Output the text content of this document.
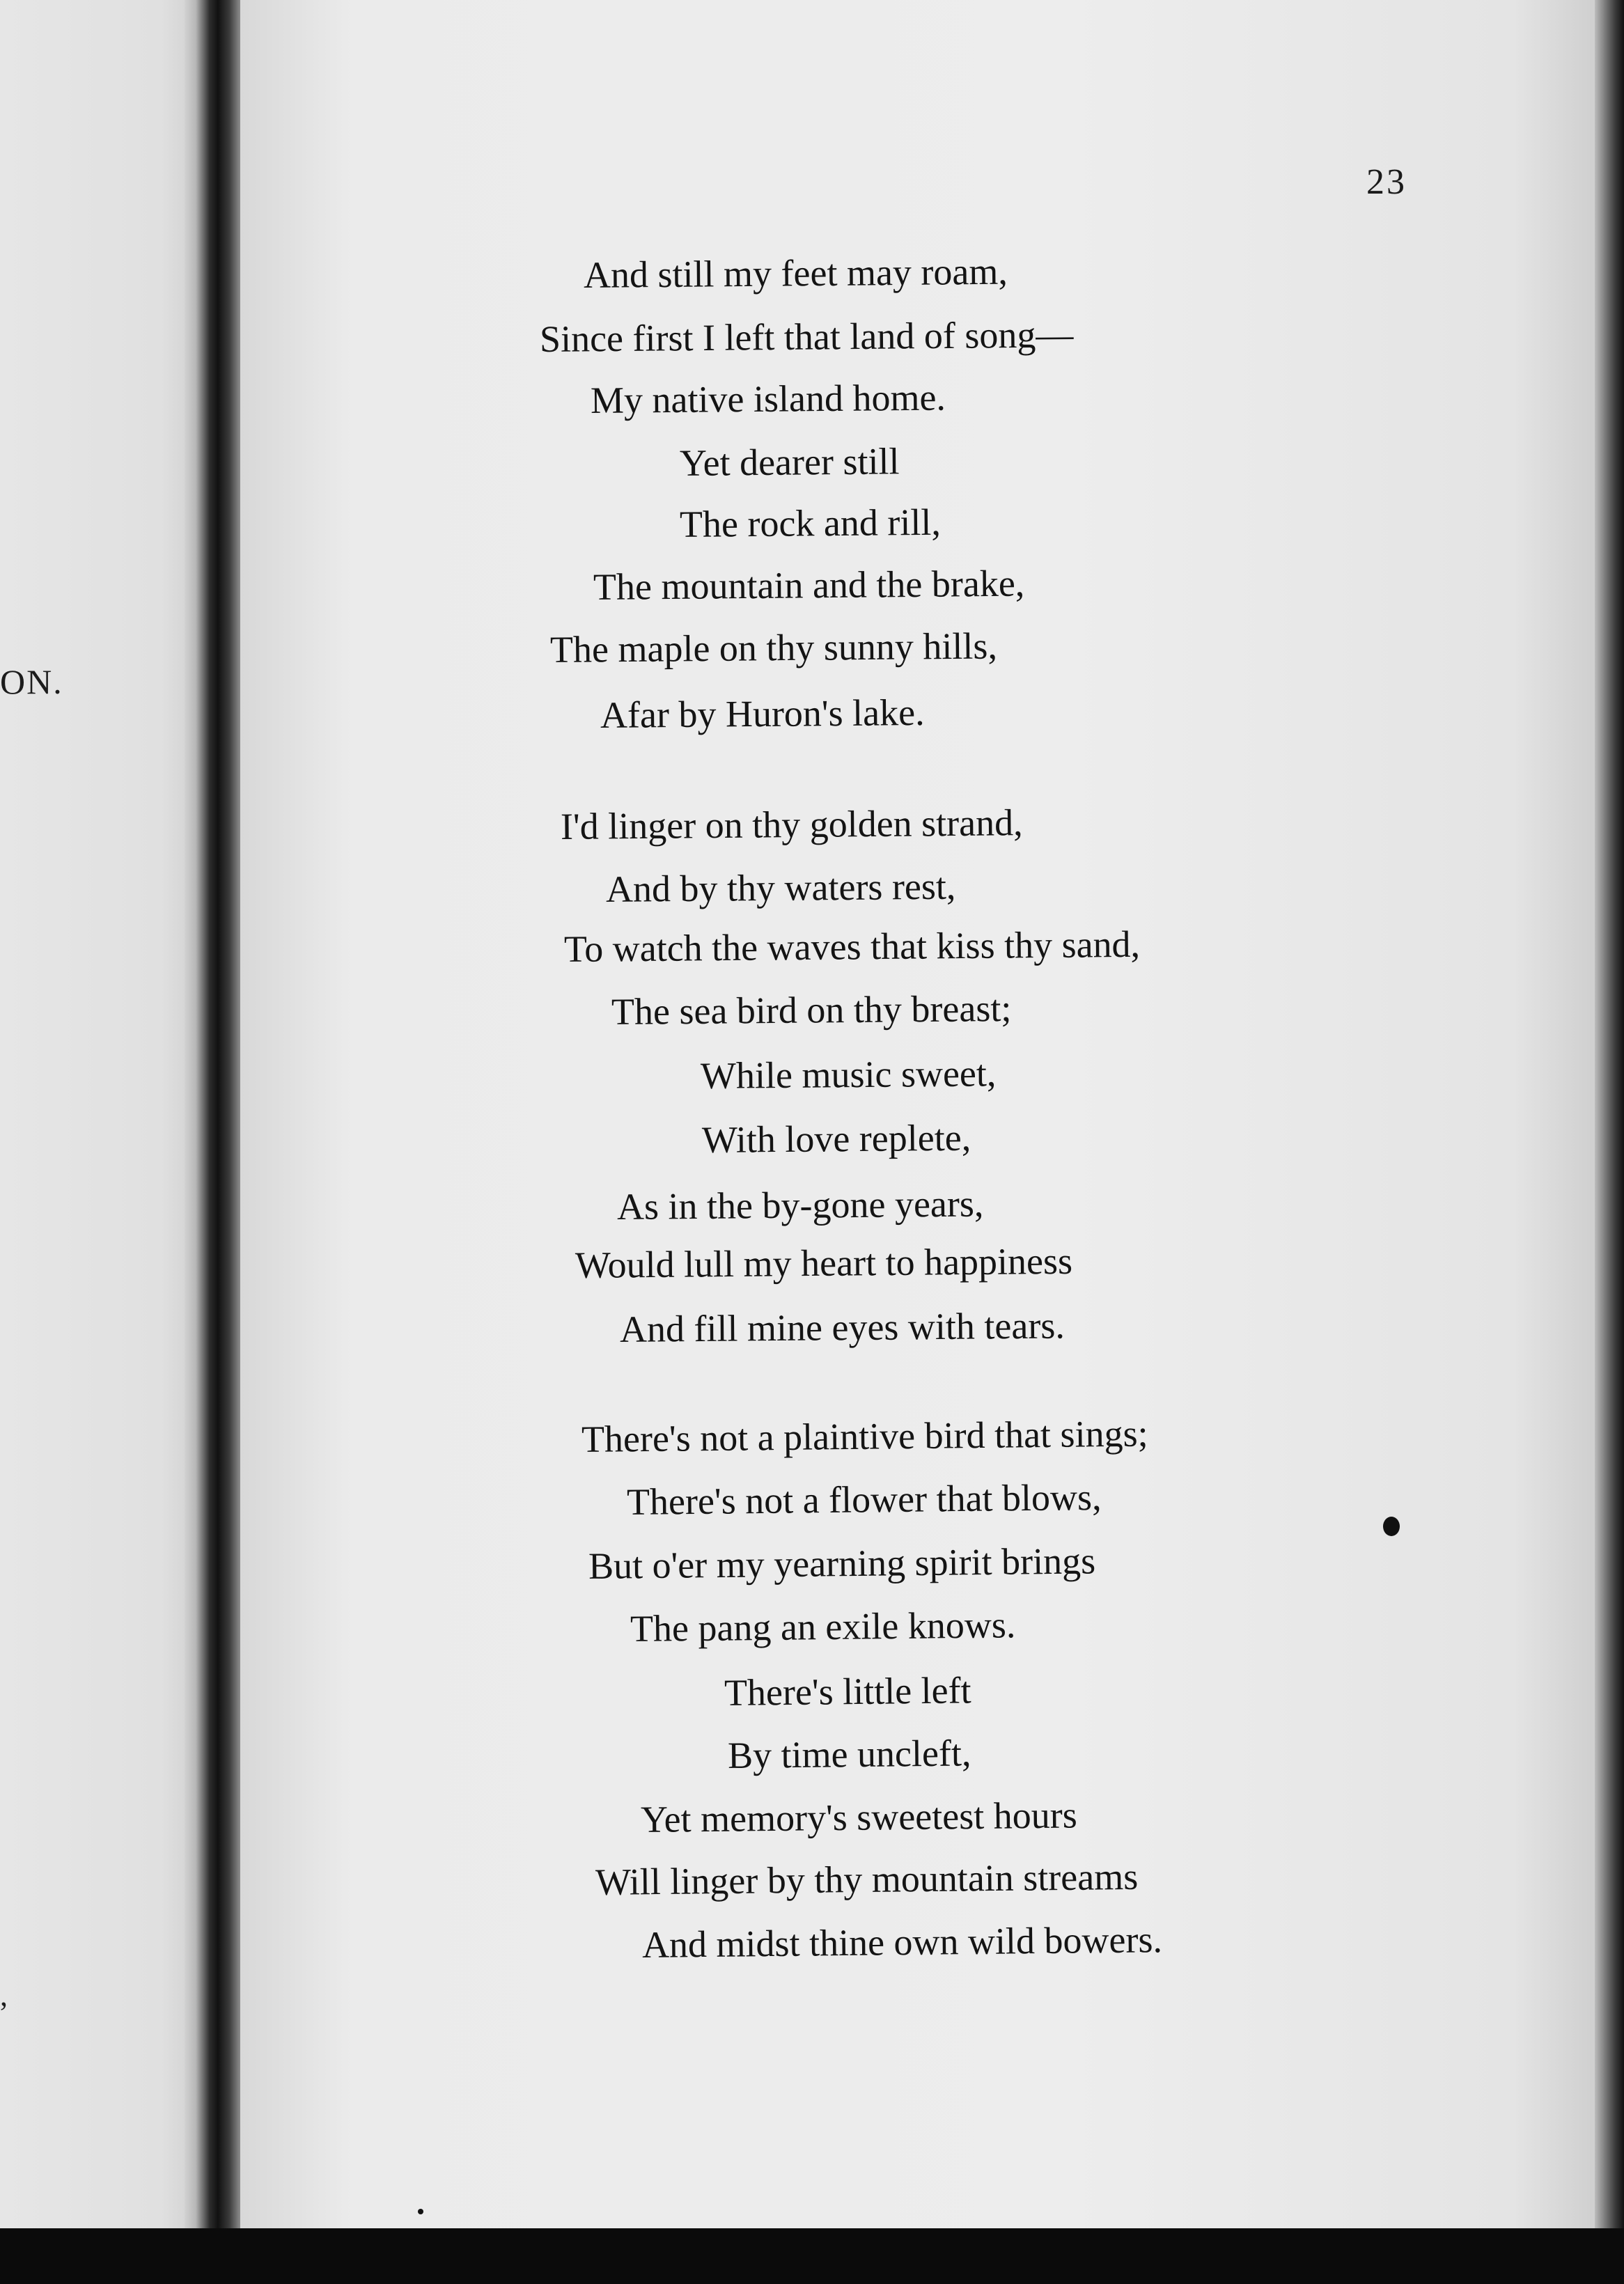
ON.
,
23
And still my feet may roam,
Since first I left that land of song—
My native island home.
Yet dearer still
The rock and rill,
The mountain and the brake,
The maple on thy sunny hills,
Afar by Huron's lake.
I'd linger on thy golden strand,
And by thy waters rest,
To watch the waves that kiss thy sand,
The sea bird on thy breast;
While music sweet,
With love replete,
As in the by-gone years,
Would lull my heart to happiness
And fill mine eyes with tears.
There's not a plaintive bird that sings;
There's not a flower that blows,
But o'er my yearning spirit brings
The pang an exile knows.
There's little left
By time uncleft,
Yet memory's sweetest hours
Will linger by thy mountain streams
And midst thine own wild bowers.
